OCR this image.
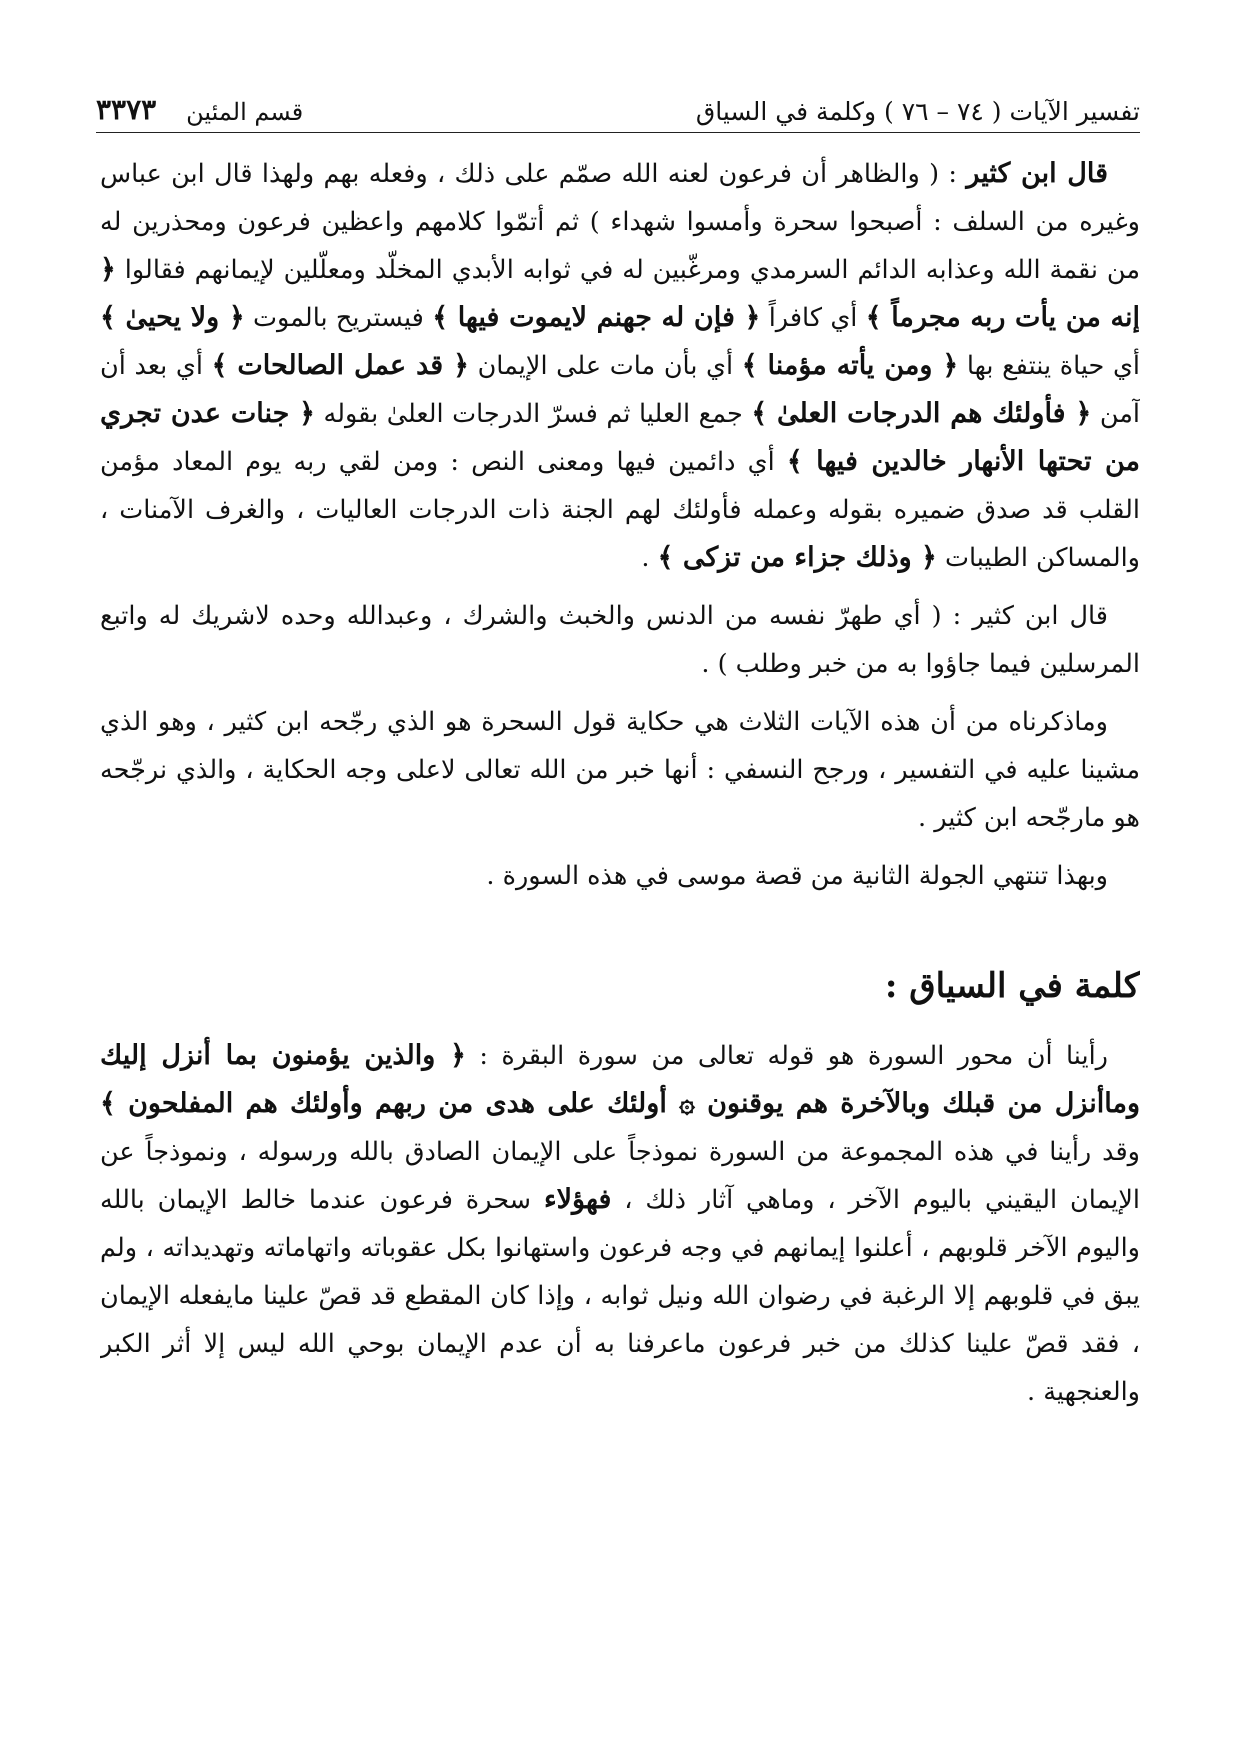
تفسير الآيات ( ٧٤ – ٧٦ ) وكلمة في السياق
قسم المئين
٣٣٧٣

قال ابن كثير : ( والظاهر أن فرعون لعنه الله صمّم على ذلك ، وفعله بهم ولهذا قال ابن عباس وغيره من السلف : أصبحوا سحرة وأمسوا شهداء ) ثم أتمّوا كلامهم واعظين فرعون ومحذرين له من نقمة الله وعذابه الدائم السرمدي ومرغّبين له في ثوابه الأبدي المخلّد ومعلّلين لإيمانهم فقالوا ﴿ إنه من يأت ربه مجرماً ﴾ أي كافراً ﴿ فإن له جهنم لايموت فيها ﴾ فيستريح بالموت ﴿ ولا يحيىٰ ﴾ أي حياة ينتفع بها ﴿ ومن يأته مؤمنا ﴾ أي بأن مات على الإيمان ﴿ قد عمل الصالحات ﴾ أي بعد أن آمن ﴿ فأولئك هم الدرجات العلىٰ ﴾ جمع العليا ثم فسرّ الدرجات العلىٰ بقوله ﴿ جنات عدن تجري من تحتها الأنهار خالدين فيها ﴾ أي دائمين فيها ومعنى النص : ومن لقي ربه يوم المعاد مؤمن القلب قد صدق ضميره بقوله وعمله فأولئك لهم الجنة ذات الدرجات العاليات ، والغرف الآمنات ، والمساكن الطيبات ﴿ وذلك جزاء من تزكى ﴾ .

قال ابن كثير : ( أي طهرّ نفسه من الدنس والخبث والشرك ، وعبدالله وحده لاشريك له واتبع المرسلين فيما جاؤوا به من خبر وطلب ) .

وماذكرناه من أن هذه الآيات الثلاث هي حكاية قول السحرة هو الذي رجّحه ابن كثير ، وهو الذي مشينا عليه في التفسير ، ورجح النسفي : أنها خبر من الله تعالى لاعلى وجه الحكاية ، والذي نرجّحه هو مارجّحه ابن كثير .

وبهذا تنتهي الجولة الثانية من قصة موسى في هذه السورة .

كلمة في السياق :

رأينا أن محور السورة هو قوله تعالى من سورة البقرة : ﴿ والذين يؤمنون بما أنزل إليك وماأنزل من قبلك وبالآخرة هم يوقنون ۞ أولئك على هدى من ربهم وأولئك هم المفلحون ﴾ وقد رأينا في هذه المجموعة من السورة نموذجاً على الإيمان الصادق بالله ورسوله ، ونموذجاً عن الإيمان اليقيني باليوم الآخر ، وماهي آثار ذلك ، فهؤلاء سحرة فرعون عندما خالط الإيمان بالله واليوم الآخر قلوبهم ، أعلنوا إيمانهم في وجه فرعون واستهانوا بكل عقوباته واتهاماته وتهديداته ، ولم يبق في قلوبهم إلا الرغبة في رضوان الله ونيل ثوابه ، وإذا كان المقطع قد قصّ علينا مايفعله الإيمان ، فقد قصّ علينا كذلك من خبر فرعون ماعرفنا به أن عدم الإيمان بوحي الله ليس إلا أثر الكبر والعنجهية .
